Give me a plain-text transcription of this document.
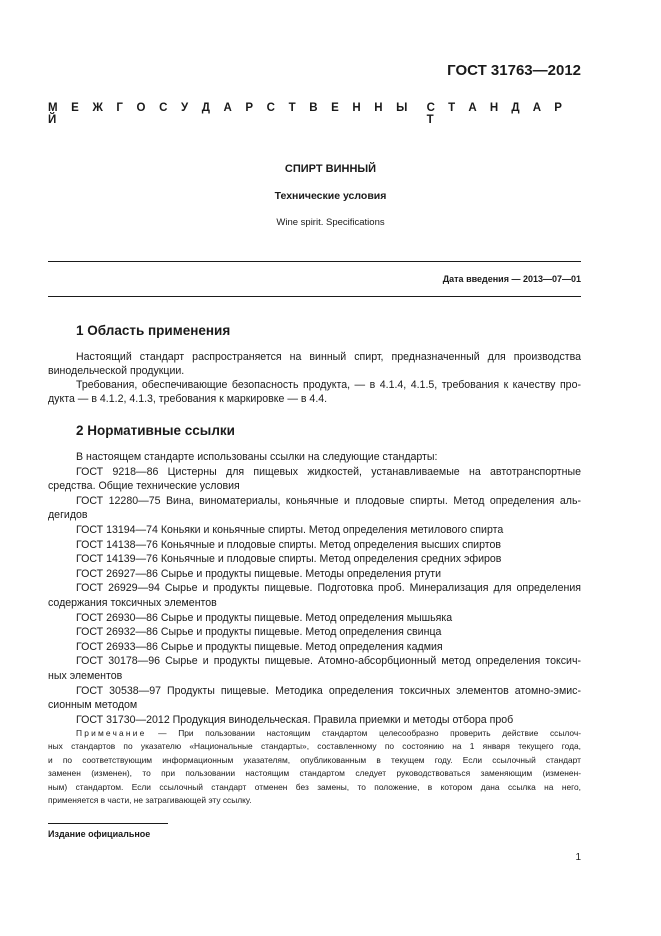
ГОСТ 31763—2012
М Е Ж Г О С У Д А Р С Т В Е Н Н Ы Й
С Т А Н Д А Р Т
СПИРТ ВИННЫЙ
Технические условия
Wine spirit. Specifications
Дата введения — 2013—07—01
1 Область применения
Настоящий стандарт распространяется на винный спирт, предназначенный для производства
винодельческой продукции.
Требования, обеспечивающие безопасность продукта, — в 4.1.4, 4.1.5, требования к качеству про-
дукта — в 4.1.2, 4.1.3, требования к маркировке — в 4.4.
2 Нормативные ссылки
В настоящем стандарте использованы ссылки на следующие стандарты:
ГОСТ 9218—86 Цистерны для пищевых жидкостей, устанавливаемые на автотранспортные
средства. Общие технические условия
ГОСТ 12280—75 Вина, виноматериалы, коньячные и плодовые спирты. Метод определения аль-
дегидов
ГОСТ 13194—74 Коньяки и коньячные спирты. Метод определения метилового спирта
ГОСТ 14138—76 Коньячные и плодовые спирты. Метод определения высших спиртов
ГОСТ 14139—76 Коньячные и плодовые спирты. Метод определения средних эфиров
ГОСТ 26927—86 Сырье и продукты пищевые. Методы определения ртути
ГОСТ 26929—94 Сырье и продукты пищевые. Подготовка проб. Минерализация для определения
содержания токсичных элементов
ГОСТ 26930—86 Сырье и продукты пищевые. Метод определения мышьяка
ГОСТ 26932—86 Сырье и продукты пищевые. Метод определения свинца
ГОСТ 26933—86 Сырье и продукты пищевые. Метод определения кадмия
ГОСТ 30178—96 Сырье и продукты пищевые. Атомно-абсорбционный метод определения токсич-
ных элементов
ГОСТ 30538—97 Продукты пищевые. Методика определения токсичных элементов атомно-эмис-
сионным методом
ГОСТ 31730—2012 Продукция винодельческая. Правила приемки и методы отбора проб
Примечание — При пользовании настоящим стандартом целесообразно проверить действие ссылоч-
ных стандартов по указателю «Национальные стандарты», составленному по состоянию на 1 января текущего года,
и по соответствующим информационным указателям, опубликованным в текущем году. Если ссылочный стандарт
заменен (изменен), то при пользовании настоящим стандартом следует руководствоваться заменяющим (изменен-
ным) стандартом. Если ссылочный стандарт отменен без замены, то положение, в котором дана ссылка на него,
применяется в части, не затрагивающей эту ссылку.
Издание официальное
1
